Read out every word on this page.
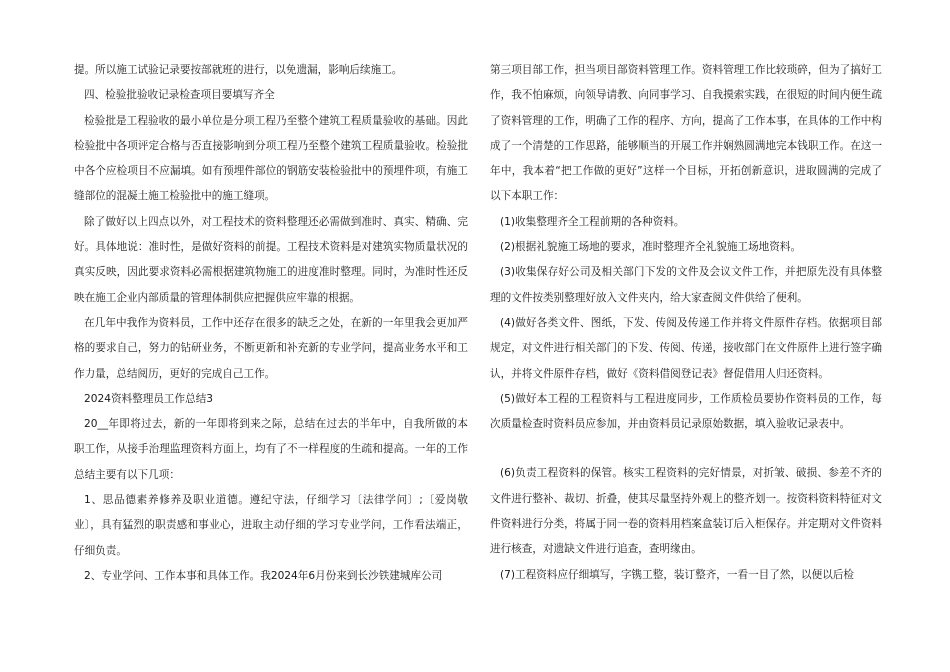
提。所以施工试验记录要按部就班的进行，以免遗漏，影响后续施工。

四、检验批验收记录检查项目要填写齐全

检验批是工程验收的最小单位是分项工程乃至整个建筑工程质量验收的基础。因此检验批中各项评定合格与否直接影响到分项工程乃至整个建筑工程质量验收。检验批中各个应检项目不应漏填。如有预埋件部位的钢筋安装检验批中的预埋件项，有施工缝部位的混凝土施工检验批中的施工缝项。

除了做好以上四点以外，对工程技术的资料整理还必需做到准时、真实、精确、完好。具体地说：准时性，是做好资料的前提。工程技术资料是对建筑实物质量状况的真实反映，因此要求资料必需根据建筑物施工的进度准时整理。同时，为准时性还反映在施工企业内部质量的管理体制供应把握供应牢靠的根据。

在几年中我作为资料员，工作中还存在很多的缺乏之处，在新的一年里我会更加严格的要求自己，努力的钻研业务，不断更新和补充新的专业学问，提高业务水平和工作力量，总结阅历，更好的完成自己工作。

2024资料整理员工作总结3

20__年即将过去，新的一年即将到来之际，总结在过去的半年中，自我所做的本职工作，从接手治理监理资料方面上，均有了不一样程度的生疏和提高。一年的工作总结主要有以下几项：

1、思品德素养修养及职业道德。遵纪守法，仔细学习〔法律学问〕;〔爱岗敬业〕，具有猛烈的职责感和事业心，进取主动仔细的学习专业学问，工作看法端正，仔细负责。

2、专业学问、工作本事和具体工作。我2024年6月份来到长沙铁建城库公司

第三项目部工作，担当项目部资料管理工作。资料管理工作比较琐碎，但为了搞好工作，我不怕麻烦，向领导请教、向同事学习、自我摸索实践，在很短的时间内便生疏了资料管理的工作，明确了工作的程序、方向，提高了工作本事，在具体的工作中构成了一个清楚的工作思路，能够顺当的开展工作并娴熟圆满地完本钱职工作。在这一年中，我本着“把工作做的更好”这样一个目标，开拓创新意识，进取圆满的完成了以下本职工作：

(1)收集整理齐全工程前期的各种资料。

(2)根据礼貌施工场地的要求，准时整理齐全礼貌施工场地资料。

(3)收集保存好公司及相关部门下发的文件及会议文件工作，并把原先没有具体整理的文件按类别整理好放入文件夹内，给大家查阅文件供给了便利。

(4)做好各类文件、图纸，下发、传阅及传递工作并将文件原件存档。依据项目部规定，对文件进行相关部门的下发、传阅、传递，接收部门在文件原件上进行签字确认，并将文件原件存档，做好《资料借阅登记表》督促借用人归还资料。

(5)做好本工程的工程资料与工程进度同步，工作质检员要协作资料员的工作，每次质量检查时资料员应参加，并由资料员记录原始数据，填入验收记录表中。

(6)负责工程资料的保管。核实工程资料的完好情景，对折皱、破损、参差不齐的文件进行整补、裁切、折叠，使其尽量坚持外观上的整齐划一。按资料资料特征对文件资料进行分类，将属于同一卷的资料用档案盒装订后入柜保存。并定期对文件资料进行核查，对遗缺文件进行追查，查明缘由。

(7)工程资料应仔细填写，字镌工整，装订整齐，一看一目了然，以便以后检
